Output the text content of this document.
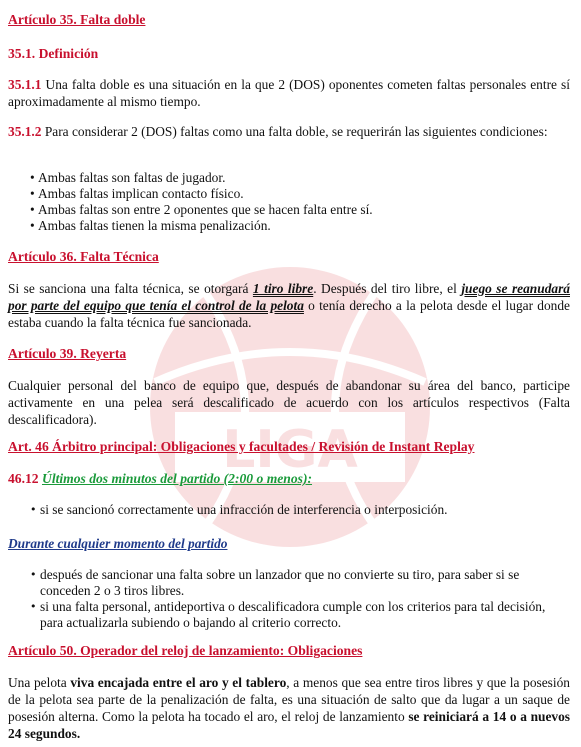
LIGA
Artículo 35. Falta doble
35.1. Definición
35.1.1 Una falta doble es una situación en la que 2 (DOS) oponentes cometen faltas personales entre sí aproximadamente al mismo tiempo.
35.1.2 Para considerar 2 (DOS) faltas como una falta doble, se requerirán las siguientes condiciones:
• Ambas faltas son faltas de jugador.
• Ambas faltas implican contacto físico.
• Ambas faltas son entre 2 oponentes que se hacen falta entre sí.
• Ambas faltas tienen la misma penalización.
Artículo 36. Falta Técnica
Si se sanciona una falta técnica, se otorgará 1 tiro libre. Después del tiro libre, el juego se reanudará por parte del equipo que tenía el control de la pelota o tenía derecho a la pelota desde el lugar donde estaba cuando la falta técnica fue sancionada.
Artículo 39. Reyerta
Cualquier personal del banco de equipo que, después de abandonar su área del banco, participe activamente en una pelea será descalificado de acuerdo con los artículos respectivos (Falta descalificadora).
Art. 46 Árbitro principal: Obligaciones y facultades / Revisión de Instant Replay
46.12 Últimos dos minutos del partido (2:00 o menos):
• si se sancionó correctamente una infracción de interferencia o interposición.
Durante cualquier momento del partido
• después de sancionar una falta sobre un lanzador que no convierte su tiro, para saber si se conceden 2 o 3 tiros libres.
• si una falta personal, antideportiva o descalificadora cumple con los criterios para tal decisión, para actualizarla subiendo o bajando al criterio correcto.
Artículo 50. Operador del reloj de lanzamiento: Obligaciones
Una pelota viva encajada entre el aro y el tablero, a menos que sea entre tiros libres y que la posesión de la pelota sea parte de la penalización de falta, es una situación de salto que da lugar a un saque de posesión alterna. Como la pelota ha tocado el aro, el reloj de lanzamiento se reiniciará a 14 o a nuevos 24 segundos.
